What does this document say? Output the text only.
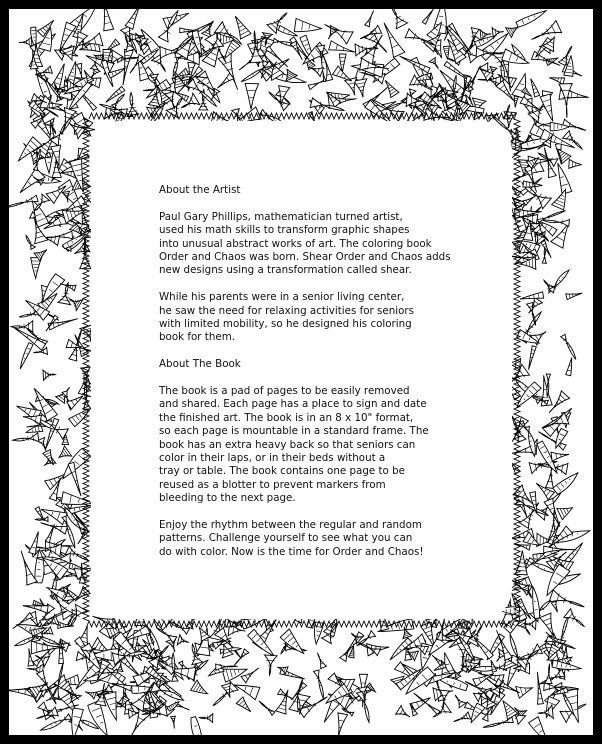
About the Artist

Paul Gary Phillips, mathematician turned artist,
used his math skills to transform graphic shapes
into unusual abstract works of art. The coloring book
Order and Chaos was born. Shear Order and Chaos adds
new designs using a transformation called shear.

While his parents were in a senior living center,
he saw the need for relaxing activities for seniors
with limited mobility, so he designed his coloring
book for them.

About The Book

The book is a pad of pages to be easily removed
and shared. Each page has a place to sign and date
the finished art. The book is in an 8 x 10" format,
so each page is mountable in a standard frame. The
book has an extra heavy back so that seniors can
color in their laps, or in their beds without a
tray or table. The book contains one page to be
reused as a blotter to prevent markers from
bleeding to the next page.

Enjoy the rhythm between the regular and random
patterns. Challenge yourself to see what you can
do with color. Now is the time for Order and Chaos!
